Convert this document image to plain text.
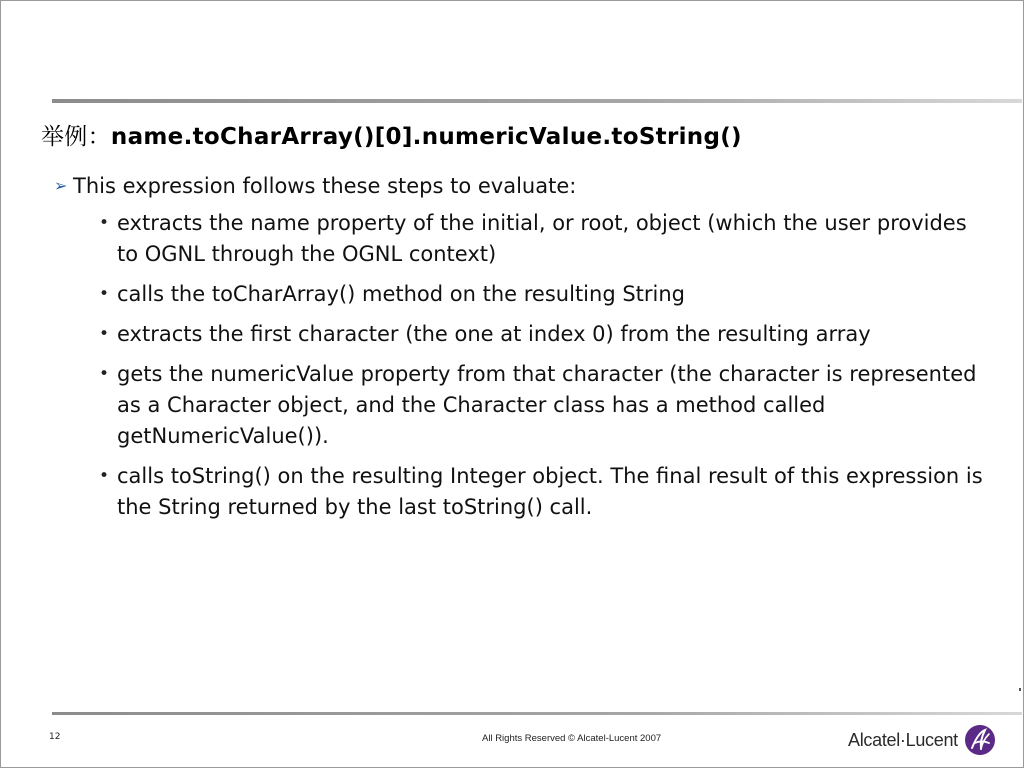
举例：name.toCharArray()[0].numericValue.toString()

➢ This expression follows these steps to evaluate:

• extracts the name property of the initial, or root, object (which the user provides to OGNL through the OGNL context)
• calls the toCharArray() method on the resulting String
• extracts the first character (the one at index 0) from the resulting array
• gets the numericValue property from that character (the character is represented as a Character object, and the Character class has a method called getNumericValue()).
• calls toString() on the resulting Integer object. The final result of this expression is the String returned by the last toString() call.
12	All Rights Reserved © Alcatel-Lucent 2007	Alcatel·Lucent
